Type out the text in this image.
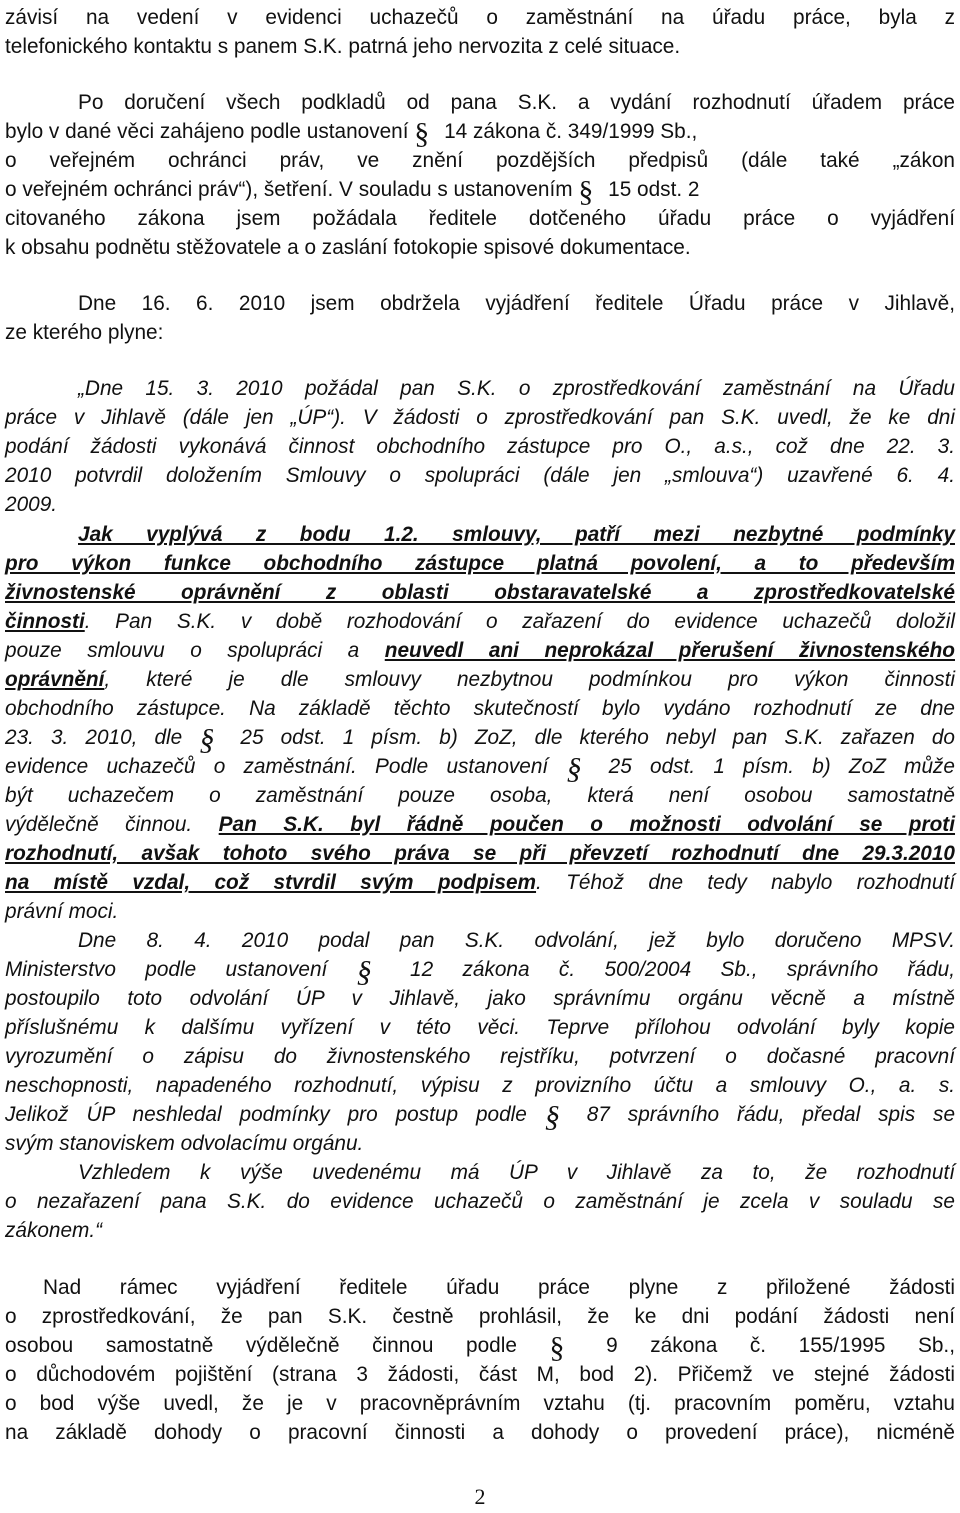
závisí na vedení v evidenci uchazečů o zaměstnání na úřadu práce, byla z
telefonického kontaktu s panem S.K. patrná jeho nervozita z celé situace.
Po doručení všech podkladů od pana S.K. a vydání rozhodnutí úřadem práce
bylo v dané věci zahájeno podle ustanovení § 14 zákona č. 349/1999 Sb.,
o veřejném ochránci práv, ve znění pozdějších předpisů (dále také „zákon
o veřejném ochránci práv“), šetření. V souladu s ustanovením § 15 odst. 2
citovaného zákona jsem požádala ředitele dotčeného úřadu práce o vyjádření
k obsahu podnětu stěžovatele a o zaslání fotokopie spisové dokumentace.
Dne 16. 6. 2010 jsem obdržela vyjádření ředitele Úřadu práce v Jihlavě,
ze kterého plyne:
„Dne 15. 3. 2010 požádal pan S.K. o zprostředkování zaměstnání na Úřadu
práce v Jihlavě (dále jen „ÚP“). V žádosti o zprostředkování pan S.K. uvedl, že ke dni
podání žádosti vykonává činnost obchodního zástupce pro O., a.s., což dne 22. 3.
2010 potvrdil doložením Smlouvy o spolupráci (dále jen „smlouva“) uzavřené 6. 4.
2009.
Jak vyplývá z bodu 1.2. smlouvy, patří mezi nezbytné podmínky
pro výkon funkce obchodního zástupce platná povolení, a to především
živnostenské oprávnění z oblasti obstaravatelské a zprostředkovatelské
činnosti. Pan S.K. v době rozhodování o zařazení do evidence uchazečů doložil
pouze smlouvu o spolupráci a neuvedl ani neprokázal přerušení živnostenského
oprávnění, které je dle smlouvy nezbytnou podmínkou pro výkon činnosti
obchodního zástupce. Na základě těchto skutečností bylo vydáno rozhodnutí ze dne
23. 3. 2010, dle § 25 odst. 1 písm. b) ZoZ, dle kterého nebyl pan S.K. zařazen do
evidence uchazečů o zaměstnání. Podle ustanovení § 25 odst. 1 písm. b) ZoZ může
být uchazečem o zaměstnání pouze osoba, která není osobou samostatně
výdělečně činnou. Pan S.K. byl řádně poučen o možnosti odvolání se proti
rozhodnutí, avšak tohoto svého práva se při převzetí rozhodnutí dne 29.3.2010
na místě vzdal, což stvrdil svým podpisem. Téhož dne tedy nabylo rozhodnutí
právní moci.
Dne 8. 4. 2010 podal pan S.K. odvolání, jež bylo doručeno MPSV.
Ministerstvo podle ustanovení § 12 zákona č. 500/2004 Sb., správního řádu,
postoupilo toto odvolání ÚP v Jihlavě, jako správnímu orgánu věcně a místně
příslušnému k dalšímu vyřízení v této věci. Teprve přílohou odvolání byly kopie
vyrozumění o zápisu do živnostenského rejstříku, potvrzení o dočasné pracovní
neschopnosti, napadeného rozhodnutí, výpisu z provizního účtu a smlouvy O., a. s.
Jelikož ÚP neshledal podmínky pro postup podle § 87 správního řádu, předal spis se
svým stanoviskem odvolacímu orgánu.
Vzhledem k výše uvedenému má ÚP v Jihlavě za to, že rozhodnutí
o nezařazení pana S.K. do evidence uchazečů o zaměstnání je zcela v souladu se
zákonem.“
Nad rámec vyjádření ředitele úřadu práce plyne z přiložené žádosti
o zprostředkování, že pan S.K. čestně prohlásil, že ke dni podání žádosti není
osobou samostatně výdělečně činnou podle § 9 zákona č. 155/1995 Sb.,
o důchodovém pojištění (strana 3 žádosti, část M, bod 2). Přičemž ve stejné žádosti
o bod výše uvedl, že je v pracovněprávním vztahu (tj. pracovním poměru, vztahu
na základě dohody o pracovní činnosti a dohody o provedení práce), nicméně
2
